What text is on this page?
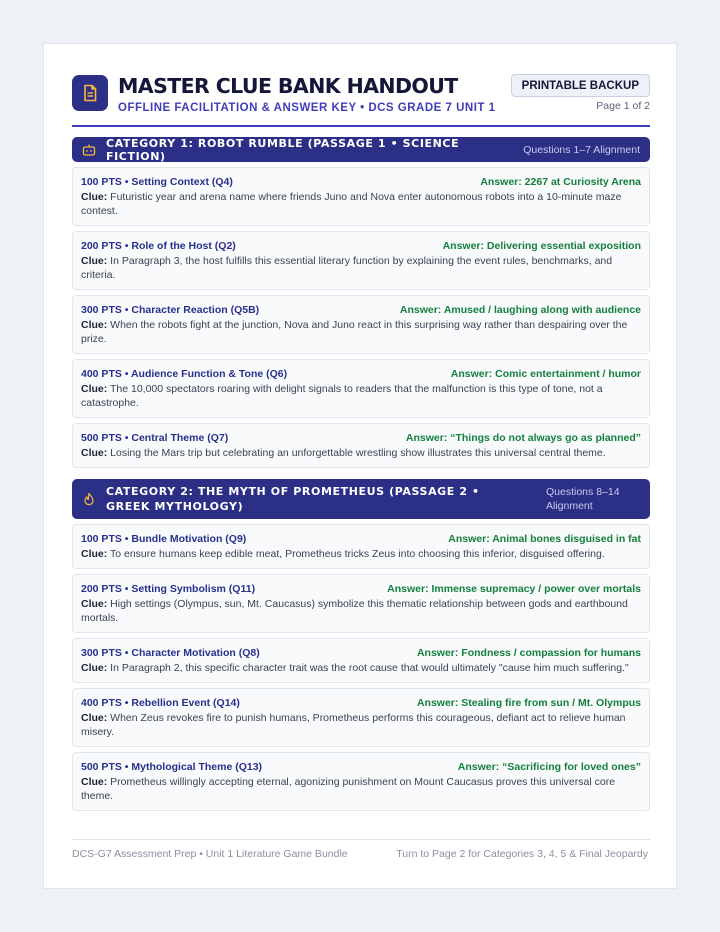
MASTER CLUE BANK HANDOUT
OFFLINE FACILITATION & ANSWER KEY • DCS GRADE 7 UNIT 1
PRINTABLE BACKUP
Page 1 of 2
CATEGORY 1: ROBOT RUMBLE (PASSAGE 1 • SCIENCE FICTION)	Questions 1–7 Alignment
100 PTS • Setting Context (Q4)	Answer: 2267 at Curiosity Arena
Clue: Futuristic year and arena name where friends Juno and Nova enter autonomous robots into a 10-minute maze contest.
200 PTS • Role of the Host (Q2)	Answer: Delivering essential exposition
Clue: In Paragraph 3, the host fulfills this essential literary function by explaining the event rules, benchmarks, and criteria.
300 PTS • Character Reaction (Q5B)	Answer: Amused / laughing along with audience
Clue: When the robots fight at the junction, Nova and Juno react in this surprising way rather than despairing over the prize.
400 PTS • Audience Function & Tone (Q6)	Answer: Comic entertainment / humor
Clue: The 10,000 spectators roaring with delight signals to readers that the malfunction is this type of tone, not a catastrophe.
500 PTS • Central Theme (Q7)	Answer: “Things do not always go as planned”
Clue: Losing the Mars trip but celebrating an unforgettable wrestling show illustrates this universal central theme.
CATEGORY 2: THE MYTH OF PROMETHEUS (PASSAGE 2 • GREEK MYTHOLOGY)
Questions 8–14 Alignment
100 PTS • Bundle Motivation (Q9)	Answer: Animal bones disguised in fat
Clue: To ensure humans keep edible meat, Prometheus tricks Zeus into choosing this inferior, disguised offering.
200 PTS • Setting Symbolism (Q11)	Answer: Immense supremacy / power over mortals
Clue: High settings (Olympus, sun, Mt. Caucasus) symbolize this thematic relationship between gods and earthbound mortals.
300 PTS • Character Motivation (Q8)	Answer: Fondness / compassion for humans
Clue: In Paragraph 2, this specific character trait was the root cause that would ultimately "cause him much suffering."
400 PTS • Rebellion Event (Q14)	Answer: Stealing fire from sun / Mt. Olympus
Clue: When Zeus revokes fire to punish humans, Prometheus performs this courageous, defiant act to relieve human misery.
500 PTS • Mythological Theme (Q13)	Answer: “Sacrificing for loved ones”
Clue: Prometheus willingly accepting eternal, agonizing punishment on Mount Caucasus proves this universal core theme.
DCS-G7 Assessment Prep • Unit 1 Literature Game Bundle	Turn to Page 2 for Categories 3, 4, 5 & Final Jeopardy
